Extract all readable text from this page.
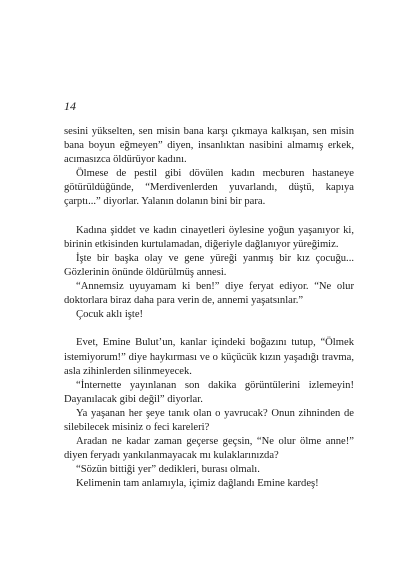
14

sesini yükselten, sen misin bana karşı çıkmaya kalkışan, sen misin bana boyun eğmeyen” diyen, insanlıktan nasibini almamış erkek, acımasızca öldürüyor kadını.

Ölmese de pestil gibi dövülen kadın mecburen hastaneye götürüldüğünde, “Merdivenlerden yuvarlandı, düştü, kapıya çarptı...” diyorlar. Yalanın dolanın bini bir para.

Kadına şiddet ve kadın cinayetleri öylesine yoğun yaşanıyor ki, birinin etkisinden kurtulamadan, diğeriyle dağlanıyor yüreğimiz.

İşte bir başka olay ve gene yüreği yanmış bir kız çocuğu... Gözlerinin önünde öldürülmüş annesi.

“Annemsiz uyuyamam ki ben!” diye feryat ediyor. “Ne olur doktorlara biraz daha para verin de, annemi yaşatsınlar.”

Çocuk aklı işte!

Evet, Emine Bulut’un, kanlar içindeki boğazını tutup, “Ölmek istemiyorum!” diye haykırması ve o küçücük kızın yaşadığı travma, asla zihinlerden silinmeyecek.

“İnternette yayınlanan son dakika görüntülerini izlemeyin! Dayanılacak gibi değil” diyorlar.

Ya yaşanan her şeye tanık olan o yavrucak? Onun zihninden de silebilecek misiniz o feci kareleri?

Aradan ne kadar zaman geçerse geçsin, “Ne olur ölme anne!” diyen feryadı yankılanmayacak mı kulaklarınızda?

“Sözün bittiği yer” dedikleri, burası olmalı.

Kelimenin tam anlamıyla, içimiz dağlandı Emine kardeş!
